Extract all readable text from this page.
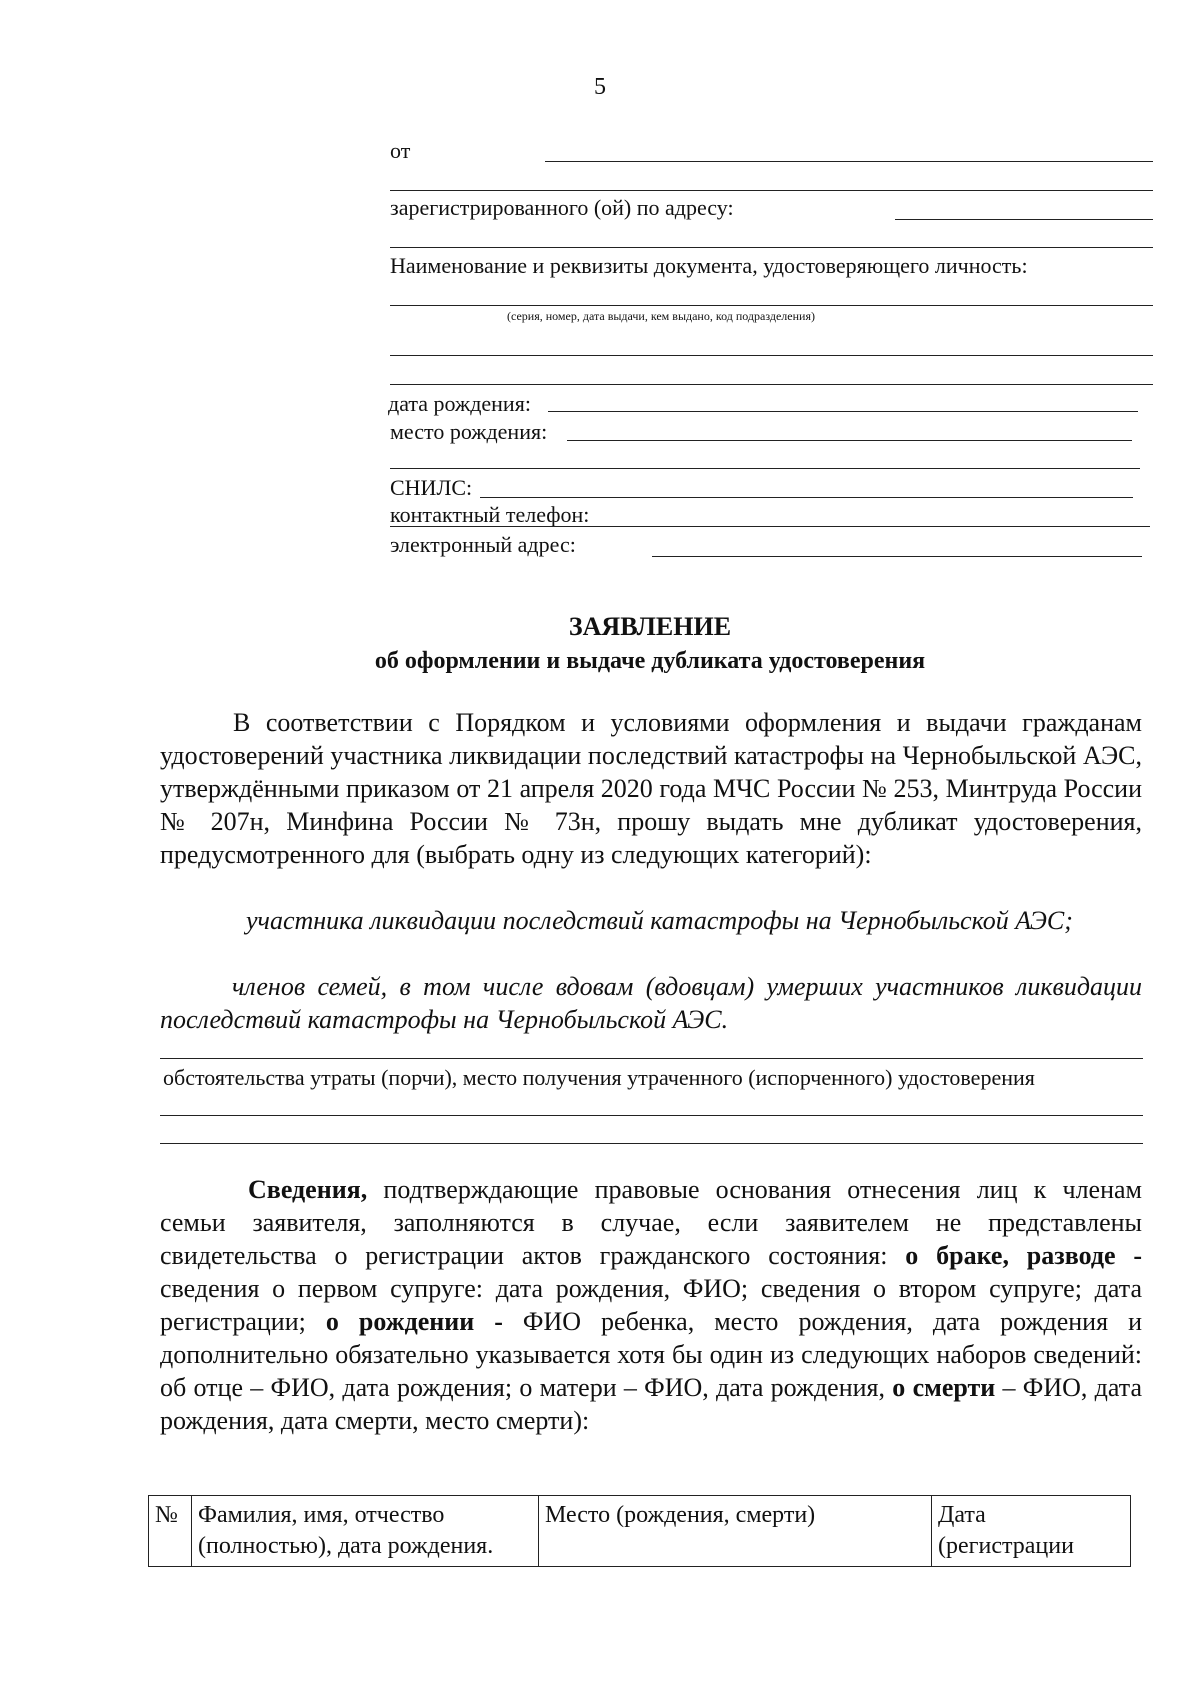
5
от
зарегистрированного (ой) по адресу:
Наименование и реквизиты документа, удостоверяющего личность:
(серия, номер, дата выдачи, кем выдано, код подразделения)
дата рождения:
место рождения:
СНИЛС:
контактный телефон:
электронный адрес:
ЗАЯВЛЕНИЕ
об оформлении и выдаче дубликата удостоверения

В соответствии с Порядком и условиями оформления и выдачи гражданам удостоверений участника ликвидации последствий катастрофы на Чернобыльской АЭС, утверждёнными приказом от 21 апреля 2020 года МЧС России № 253, Минтруда России № 207н, Минфина России № 73н, прошу выдать мне дубликат удостоверения, предусмотренного для (выбрать одну из следующих категорий):

участника ликвидации последствий катастрофы на Чернобыльской АЭС;

членов семей, в том числе вдовам (вдовцам) умерших участников ликвидации последствий катастрофы на Чернобыльской АЭС.

обстоятельства утраты (порчи), место получения утраченного (испорченного) удостоверения

Сведения, подтверждающие правовые основания отнесения лиц к членам семьи заявителя, заполняются в случае, если заявителем не представлены свидетельства о регистрации актов гражданского состояния: о браке, разводе - сведения о первом супруге: дата рождения, ФИО; сведения о втором супруге; дата регистрации; о рождении - ФИО ребенка, место рождения, дата рождения и дополнительно обязательно указывается хотя бы один из следующих наборов сведений: об отце – ФИО, дата рождения; о матери – ФИО, дата рождения, о смерти – ФИО, дата рождения, дата смерти, место смерти):

№	Фамилия, имя, отчество (полностью), дата рождения.	Место (рождения, смерти)	Дата (регистрации
